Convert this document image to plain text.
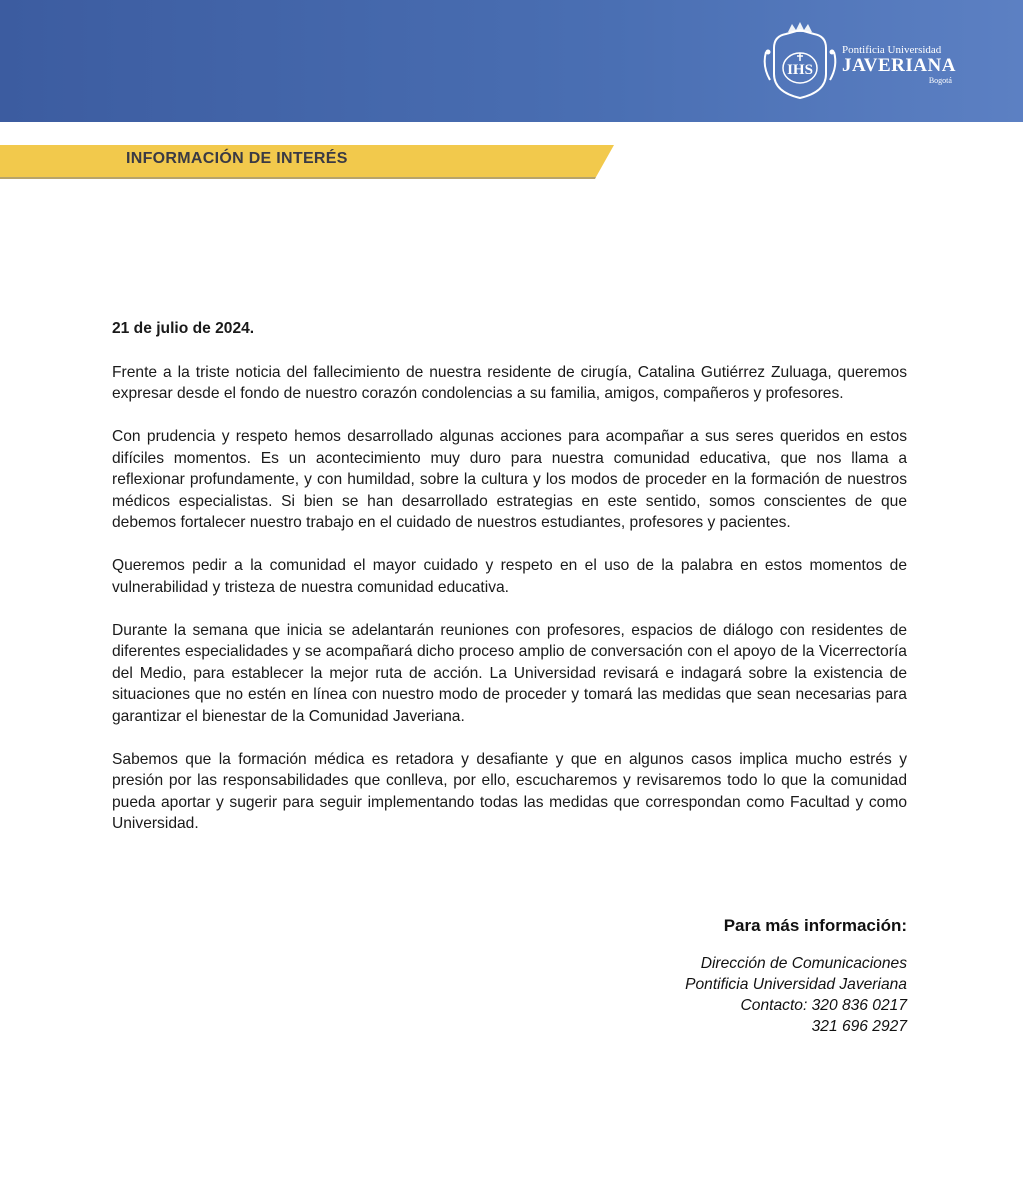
IHS
Pontificia Universidad
JAVERIANA
Bogotá
INFORMACIÓN DE INTERÉS
21 de julio de 2024.

Frente a la triste noticia del fallecimiento de nuestra residente de cirugía, Catalina Gutiérrez Zuluaga, queremos expresar desde el fondo de nuestro corazón condolencias a su familia, amigos, compañeros y profesores.

Con prudencia y respeto hemos desarrollado algunas acciones para acompañar a sus seres queridos en estos difíciles momentos. Es un acontecimiento muy duro para nuestra comunidad educativa, que nos llama a reflexionar profundamente, y con humildad, sobre la cultura y los modos de proceder en la formación de nuestros médicos especialistas. Si bien se han desarrollado estrategias en este sentido, somos conscientes de que debemos fortalecer nuestro trabajo en el cuidado de nuestros estudiantes, profesores y pacientes.

Queremos pedir a la comunidad el mayor cuidado y respeto en el uso de la palabra en estos momentos de vulnerabilidad y tristeza de nuestra comunidad educativa.

Durante la semana que inicia se adelantarán reuniones con profesores, espacios de diálogo con residentes de diferentes especialidades y se acompañará dicho proceso amplio de conversación con el apoyo de la Vicerrectoría del Medio, para establecer la mejor ruta de acción. La Universidad revisará e indagará sobre la existencia de situaciones que no estén en línea con nuestro modo de proceder y tomará las medidas que sean necesarias para garantizar el bienestar de la Comunidad Javeriana.

Sabemos que la formación médica es retadora y desafiante y que en algunos casos implica mucho estrés y presión por las responsabilidades que conlleva, por ello, escucharemos y revisaremos todo lo que la comunidad pueda aportar y sugerir para seguir implementando todas las medidas que correspondan como Facultad y como Universidad.

Para más información:
Dirección de Comunicaciones
Pontificia Universidad Javeriana
Contacto: 320 836 0217
321 696 2927
